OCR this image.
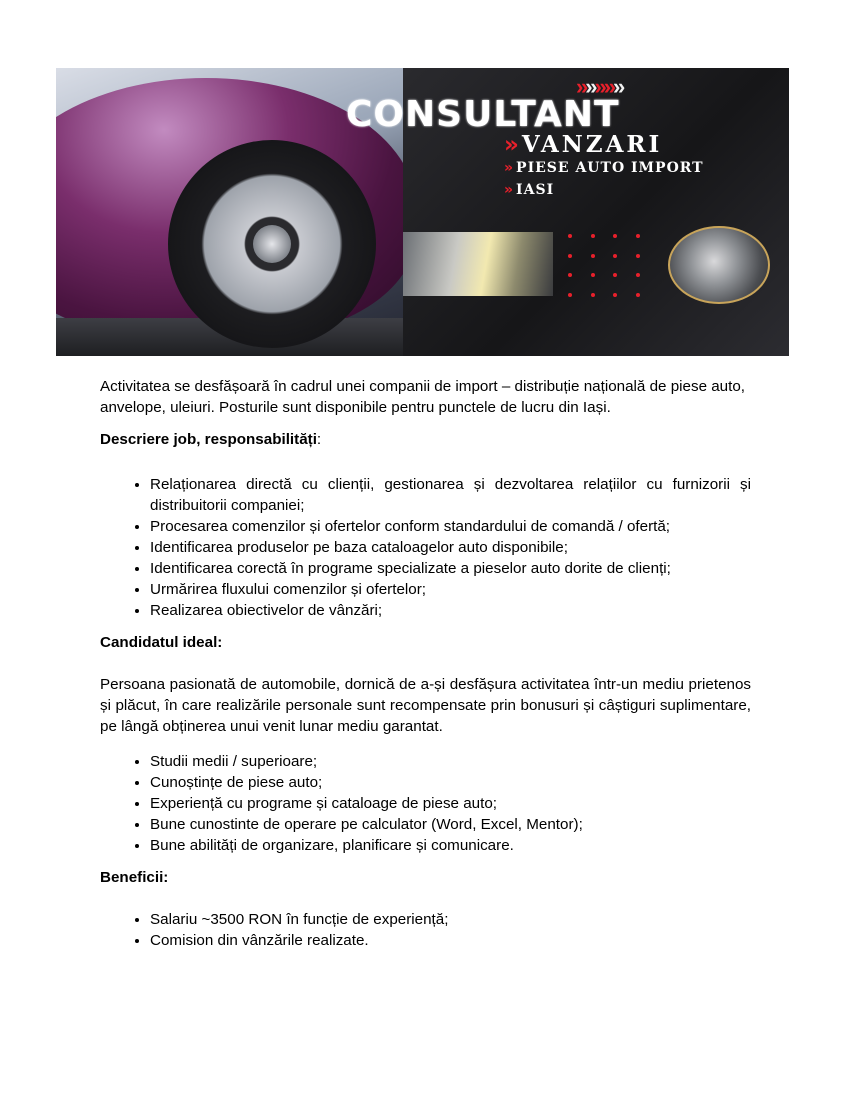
»»»»»
CONSULTANT
» VANZARI
» PIESE AUTO IMPORT
» IASI

Activitatea se desfășoară în cadrul unei companii de import – distribuție națională de piese auto, anvelope, uleiuri. Posturile sunt disponibile pentru punctele de lucru din Iași.

Descriere job, responsabilități:
• Relaționarea directă cu clienții, gestionarea și dezvoltarea relațiilor cu furnizorii și distribuitorii companiei;
• Procesarea comenzilor și ofertelor conform standardului de comandă / ofertă;
• Identificarea produselor pe baza cataloagelor auto disponibile;
• Identificarea corectă în programe specializate a pieselor auto dorite de clienți;
• Urmărirea fluxului comenzilor și ofertelor;
• Realizarea obiectivelor de vânzări;
Candidatul ideal:

Persoana pasionată de automobile, dornică de a-și desfășura activitatea într-un mediu prietenos și plăcut, în care realizările personale sunt recompensate prin bonusuri și câștiguri suplimentare, pe lângă obținerea unui venit lunar mediu garantat.

• Studii medii / superioare;
• Cunoștințe de piese auto;
• Experiență cu programe și cataloage de piese auto;
• Bune cunostinte de operare pe calculator (Word, Excel, Mentor);
• Bune abilități de organizare, planificare și comunicare.
Beneficii:
• Salariu ~3500 RON în funcție de experiență;
• Comision din vânzările realizate.
